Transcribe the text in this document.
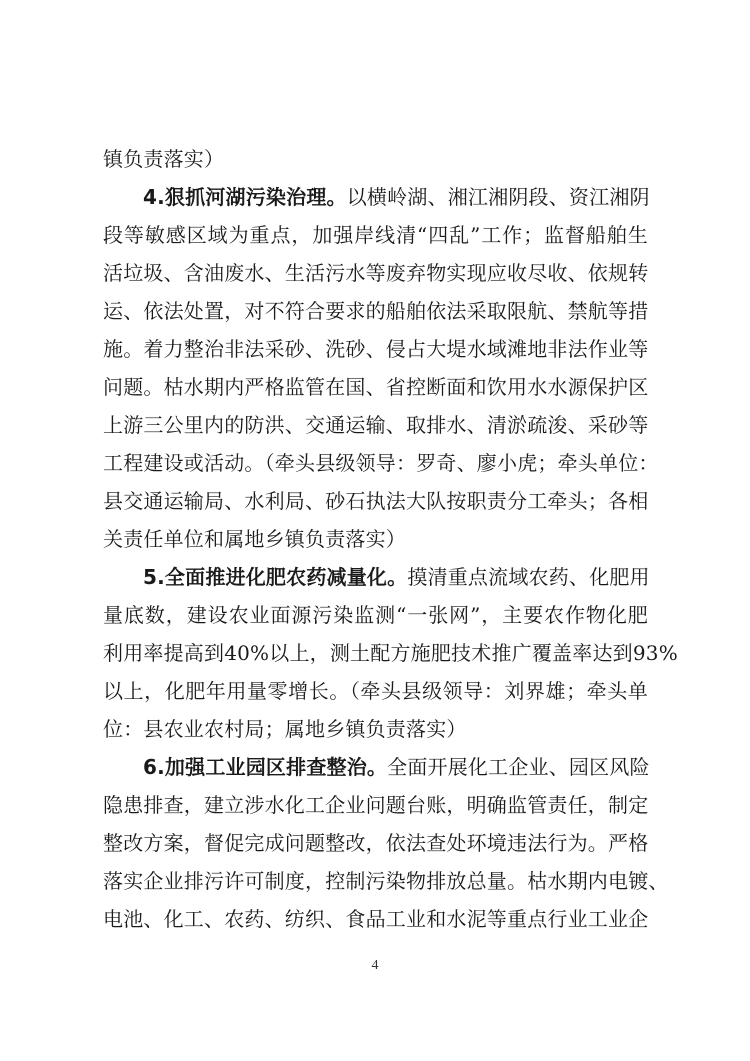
镇负责落实）
4.狠抓河湖污染治理。以横岭湖、湘江湘阴段、资江湘阴
段等敏感区域为重点，加强岸线清“四乱”工作；监督船舶生
活垃圾、含油废水、生活污水等废弃物实现应收尽收、依规转
运、依法处置，对不符合要求的船舶依法采取限航、禁航等措
施。着力整治非法采砂、洗砂、侵占大堤水域滩地非法作业等
问题。枯水期内严格监管在国、省控断面和饮用水水源保护区
上游三公里内的防洪、交通运输、取排水、清淤疏浚、采砂等
工程建设或活动。（牵头县级领导：罗奇、廖小虎；牵头单位：
县交通运输局、水利局、砂石执法大队按职责分工牵头；各相
关责任单位和属地乡镇负责落实）
5.全面推进化肥农药减量化。摸清重点流域农药、化肥用
量底数，建设农业面源污染监测“一张网”，主要农作物化肥
利用率提高到40%以上，测土配方施肥技术推广覆盖率达到93%
以上，化肥年用量零增长。（牵头县级领导：刘界雄；牵头单
位：县农业农村局；属地乡镇负责落实）
6.加强工业园区排查整治。全面开展化工企业、园区风险
隐患排查，建立涉水化工企业问题台账，明确监管责任，制定
整改方案，督促完成问题整改，依法查处环境违法行为。严格
落实企业排污许可制度，控制污染物排放总量。枯水期内电镀、
电池、化工、农药、纺织、食品工业和水泥等重点行业工业企
4
